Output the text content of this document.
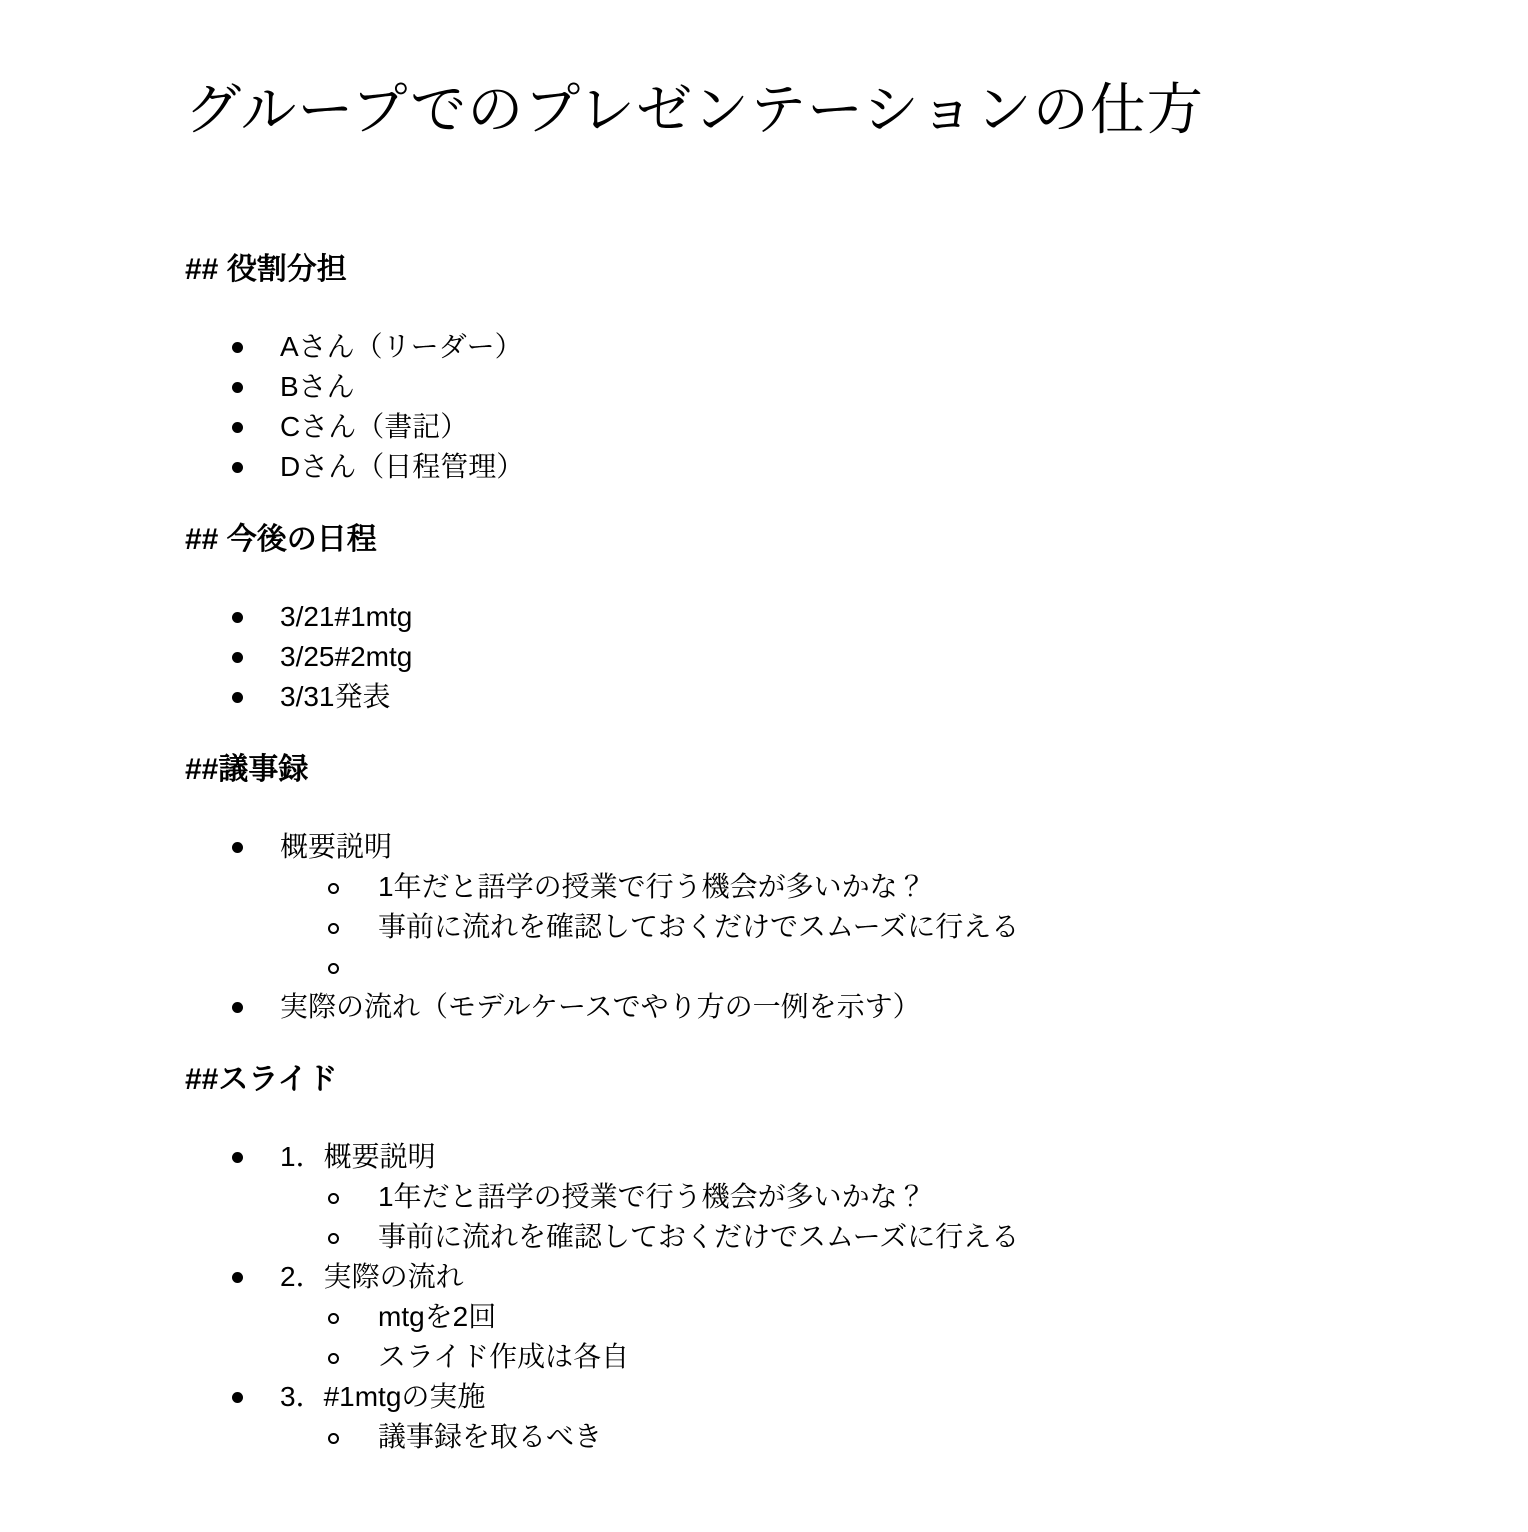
グループでのプレゼンテーションの仕方
## 役割分担
Aさん（リーダー）
Bさん
Cさん（書記）
Dさん（日程管理）
## 今後の日程
3/21#1mtg
3/25#2mtg
3/31発表
##議事録
概要説明
1年だと語学の授業で行う機会が多いかな？
事前に流れを確認しておくだけでスムーズに行える
実際の流れ（モデルケースでやり方の一例を示す）
##スライド
1．概要説明
1年だと語学の授業で行う機会が多いかな？
事前に流れを確認しておくだけでスムーズに行える
2．実際の流れ
mtgを2回
スライド作成は各自
3．#1mtgの実施
議事録を取るべき
